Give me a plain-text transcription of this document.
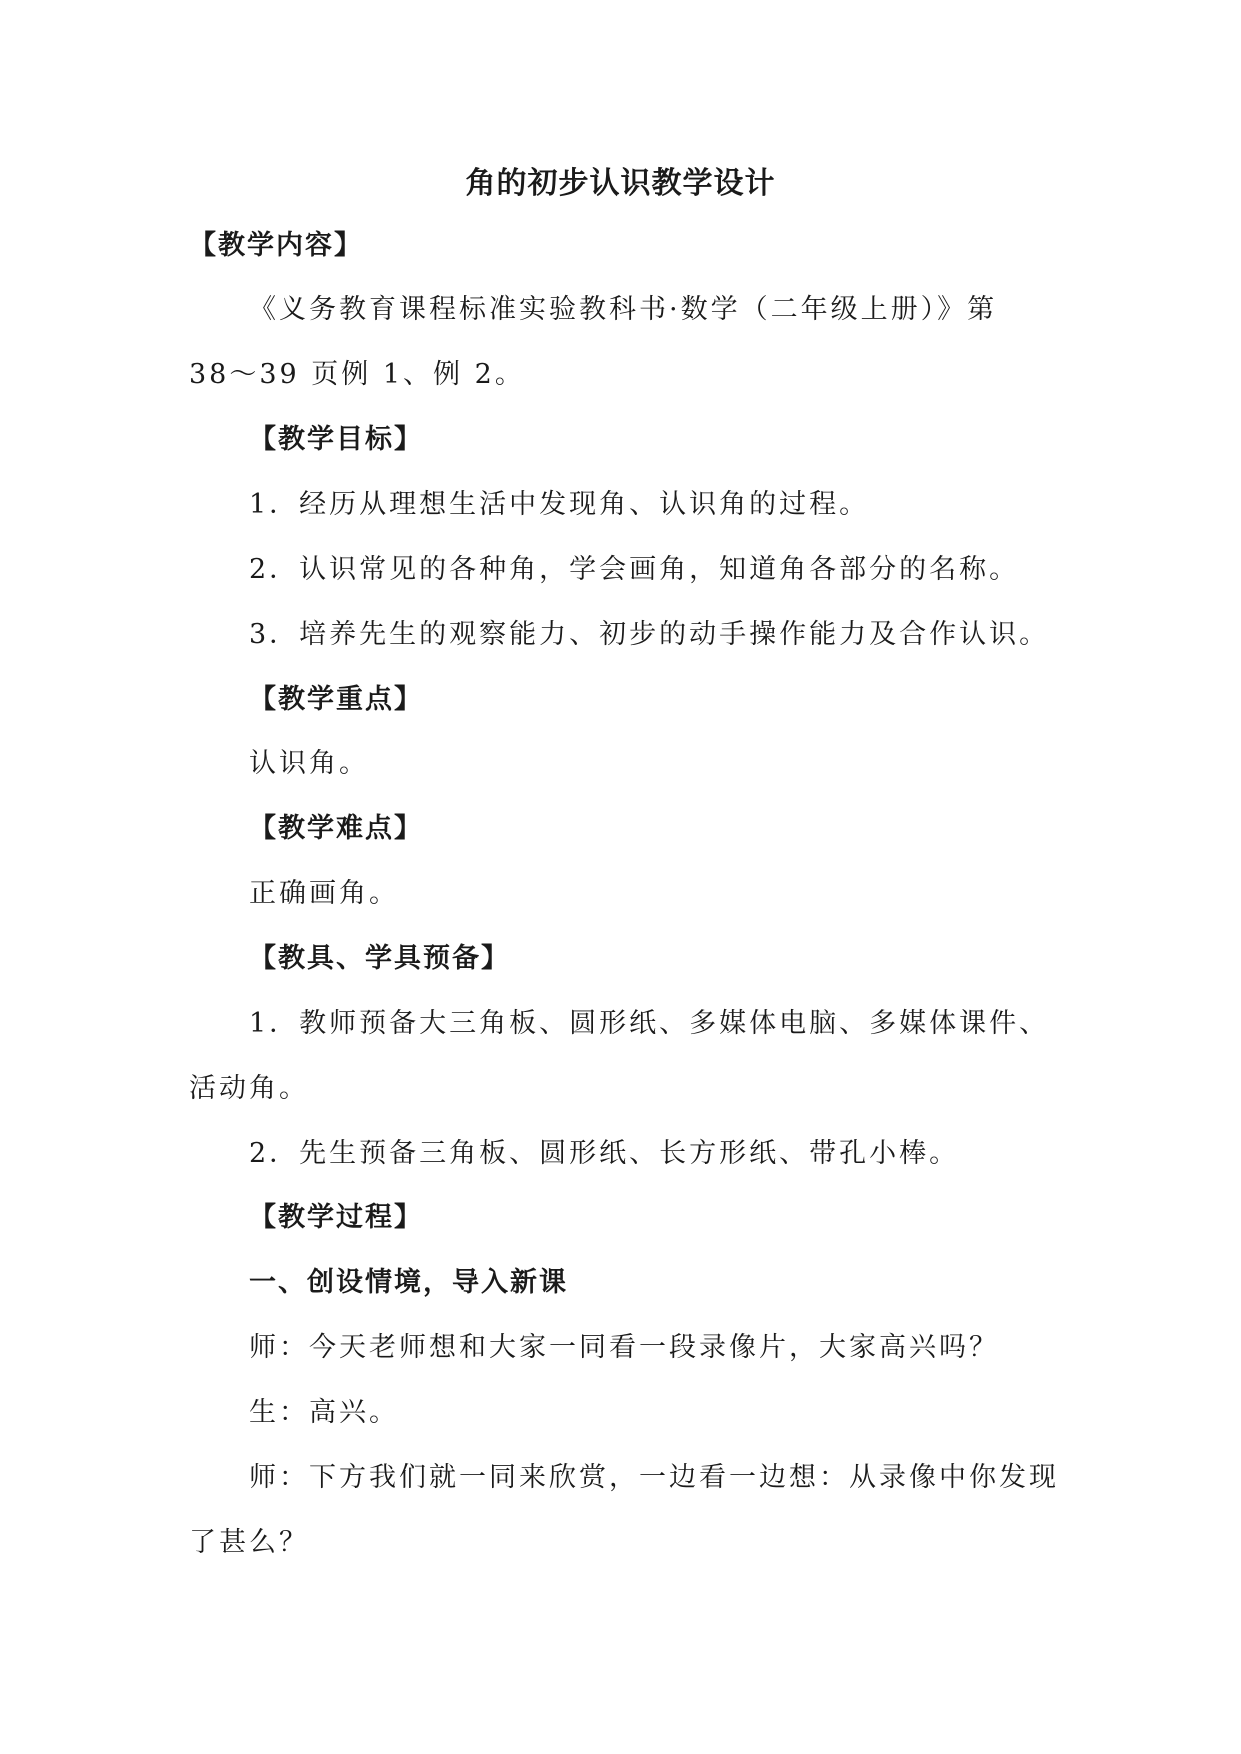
角的初步认识教学设计
【教学内容】
《义务教育课程标准实验教科书·数学（二年级上册）》第
38～39 页例 1、例 2。
【教学目标】
1．经历从理想生活中发现角、认识角的过程。
2．认识常见的各种角，学会画角，知道角各部分的名称。
3．培养先生的观察能力、初步的动手操作能力及合作认识。
【教学重点】
认识角。
【教学难点】
正确画角。
【教具、学具预备】
1．教师预备大三角板、圆形纸、多媒体电脑、多媒体课件、
活动角。
2．先生预备三角板、圆形纸、长方形纸、带孔小棒。
【教学过程】
一、创设情境，导入新课
师：今天老师想和大家一同看一段录像片，大家高兴吗？
生：高兴。
师：下方我们就一同来欣赏，一边看一边想：从录像中你发现
了甚么？
